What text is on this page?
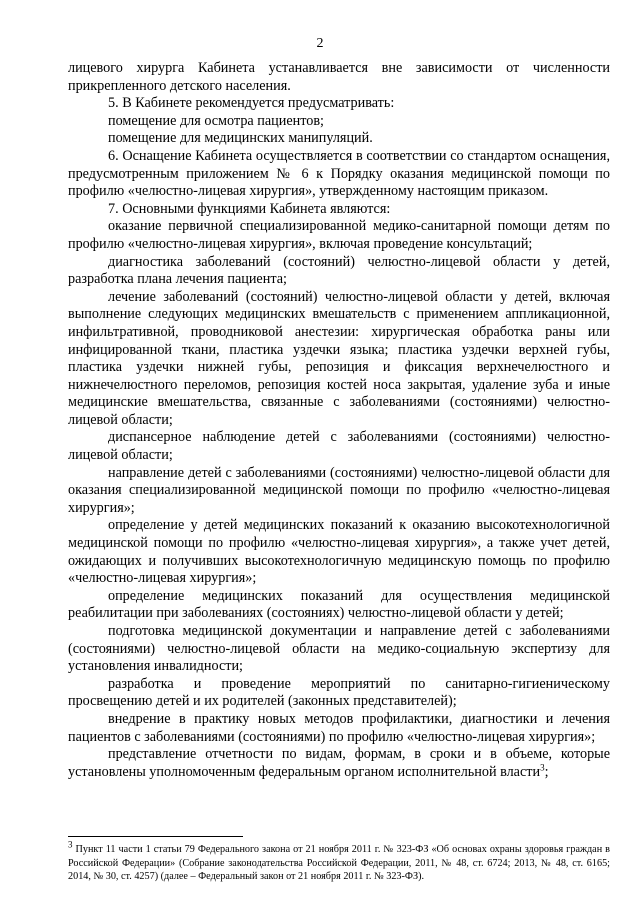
2

лицевого хирурга Кабинета устанавливается вне зависимости от численности прикрепленного детского населения.

5. В Кабинете рекомендуется предусматривать:

помещение для осмотра пациентов;

помещение для медицинских манипуляций.

6. Оснащение Кабинета осуществляется в соответствии со стандартом оснащения, предусмотренным приложением № 6 к Порядку оказания медицинской помощи по профилю «челюстно-лицевая хирургия», утвержденному настоящим приказом.

7. Основными функциями Кабинета являются:

оказание первичной специализированной медико-санитарной помощи детям по профилю «челюстно-лицевая хирургия», включая проведение консультаций;

диагностика заболеваний (состояний) челюстно-лицевой области у детей, разработка плана лечения пациента;

лечение заболеваний (состояний) челюстно-лицевой области у детей, включая выполнение следующих медицинских вмешательств с применением аппликационной, инфильтративной, проводниковой анестезии: хирургическая обработка раны или инфицированной ткани, пластика уздечки языка; пластика уздечки верхней губы, пластика уздечки нижней губы, репозиция и фиксация верхнечелюстного и нижнечелюстного переломов, репозиция костей носа закрытая, удаление зуба и иные медицинские вмешательства, связанные с заболеваниями (состояниями) челюстно-лицевой области;

диспансерное наблюдение детей с заболеваниями (состояниями) челюстно-лицевой области;

направление детей с заболеваниями (состояниями) челюстно-лицевой области для оказания специализированной медицинской помощи по профилю «челюстно-лицевая хирургия»;

определение у детей медицинских показаний к оказанию высокотехнологичной медицинской помощи по профилю «челюстно-лицевая хирургия», а также учет детей, ожидающих и получивших высокотехнологичную медицинскую помощь по профилю «челюстно-лицевая хирургия»;

определение медицинских показаний для осуществления медицинской реабилитации при заболеваниях (состояниях) челюстно-лицевой области у детей;

подготовка медицинской документации и направление детей с заболеваниями (состояниями) челюстно-лицевой области на медико-социальную экспертизу для установления инвалидности;

разработка и проведение мероприятий по санитарно-гигиеническому просвещению детей и их родителей (законных представителей);

внедрение в практику новых методов профилактики, диагностики и лечения пациентов с заболеваниями (состояниями) по профилю «челюстно-лицевая хирургия»;

представление отчетности по видам, формам, в сроки и в объеме, которые установлены уполномоченным федеральным органом исполнительной власти$^3$;

$^3$ Пункт 11 части 1 статьи 79 Федерального закона от 21 ноября 2011 г. № 323-ФЗ «Об основах охраны здоровья граждан в Российской Федерации» (Собрание законодательства Российской Федерации, 2011, № 48, ст. 6724; 2013, № 48, ст. 6165; 2014, № 30, ст. 4257) (далее – Федеральный закон от 21 ноября 2011 г. № 323-ФЗ).
